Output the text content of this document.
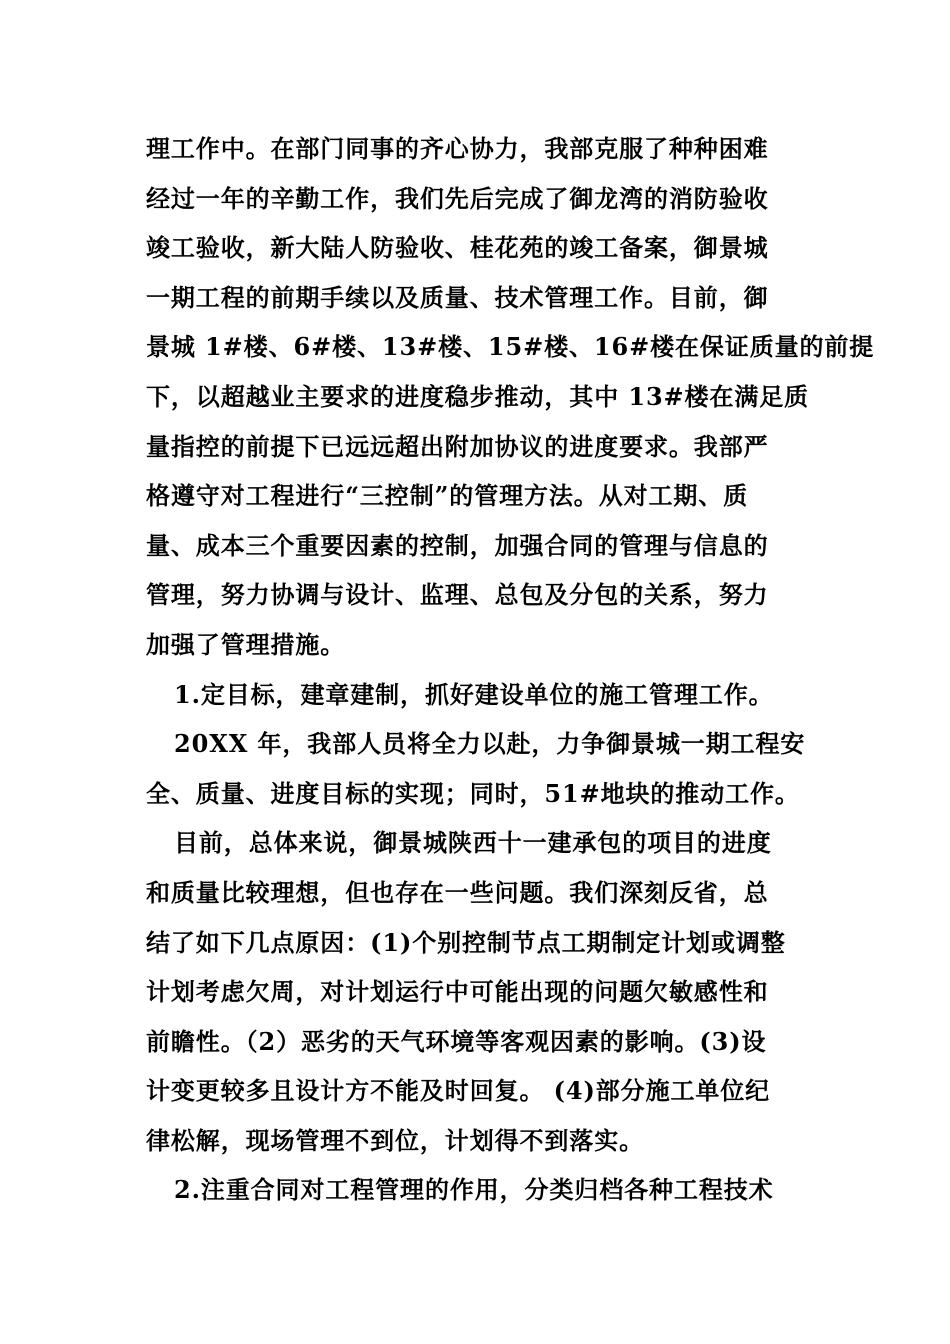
理工作中。在部门同事的齐心协力，我部克服了种种困难
经过一年的辛勤工作，我们先后完成了御龙湾的消防验收
竣工验收，新大陆人防验收、桂花苑的竣工备案，御景城
一期工程的前期手续以及质量、技术管理工作。目前，御
景城 1#楼、6#楼、13#楼、15#楼、16#楼在保证质量的前提
下，以超越业主要求的进度稳步推动，其中 13#楼在满足质
量指控的前提下已远远超出附加协议的进度要求。我部严
格遵守对工程进行“三控制”的管理方法。从对工期、质
量、成本三个重要因素的控制，加强合同的管理与信息的
管理，努力协调与设计、监理、总包及分包的关系，努力
加强了管理措施。
1.定目标，建章建制，抓好建设单位的施工管理工作。
20XX 年，我部人员将全力以赴，力争御景城一期工程安
全、质量、进度目标的实现；同时，51#地块的推动工作。
目前，总体来说，御景城陕西十一建承包的项目的进度
和质量比较理想，但也存在一些问题。我们深刻反省，总
结了如下几点原因：(1)个别控制节点工期制定计划或调整
计划考虑欠周，对计划运行中可能出现的问题欠敏感性和
前瞻性。（2）恶劣的天气环境等客观因素的影响。(3)设
计变更较多且设计方不能及时回复。 (4)部分施工单位纪
律松解，现场管理不到位，计划得不到落实。
2.注重合同对工程管理的作用，分类归档各种工程技术
